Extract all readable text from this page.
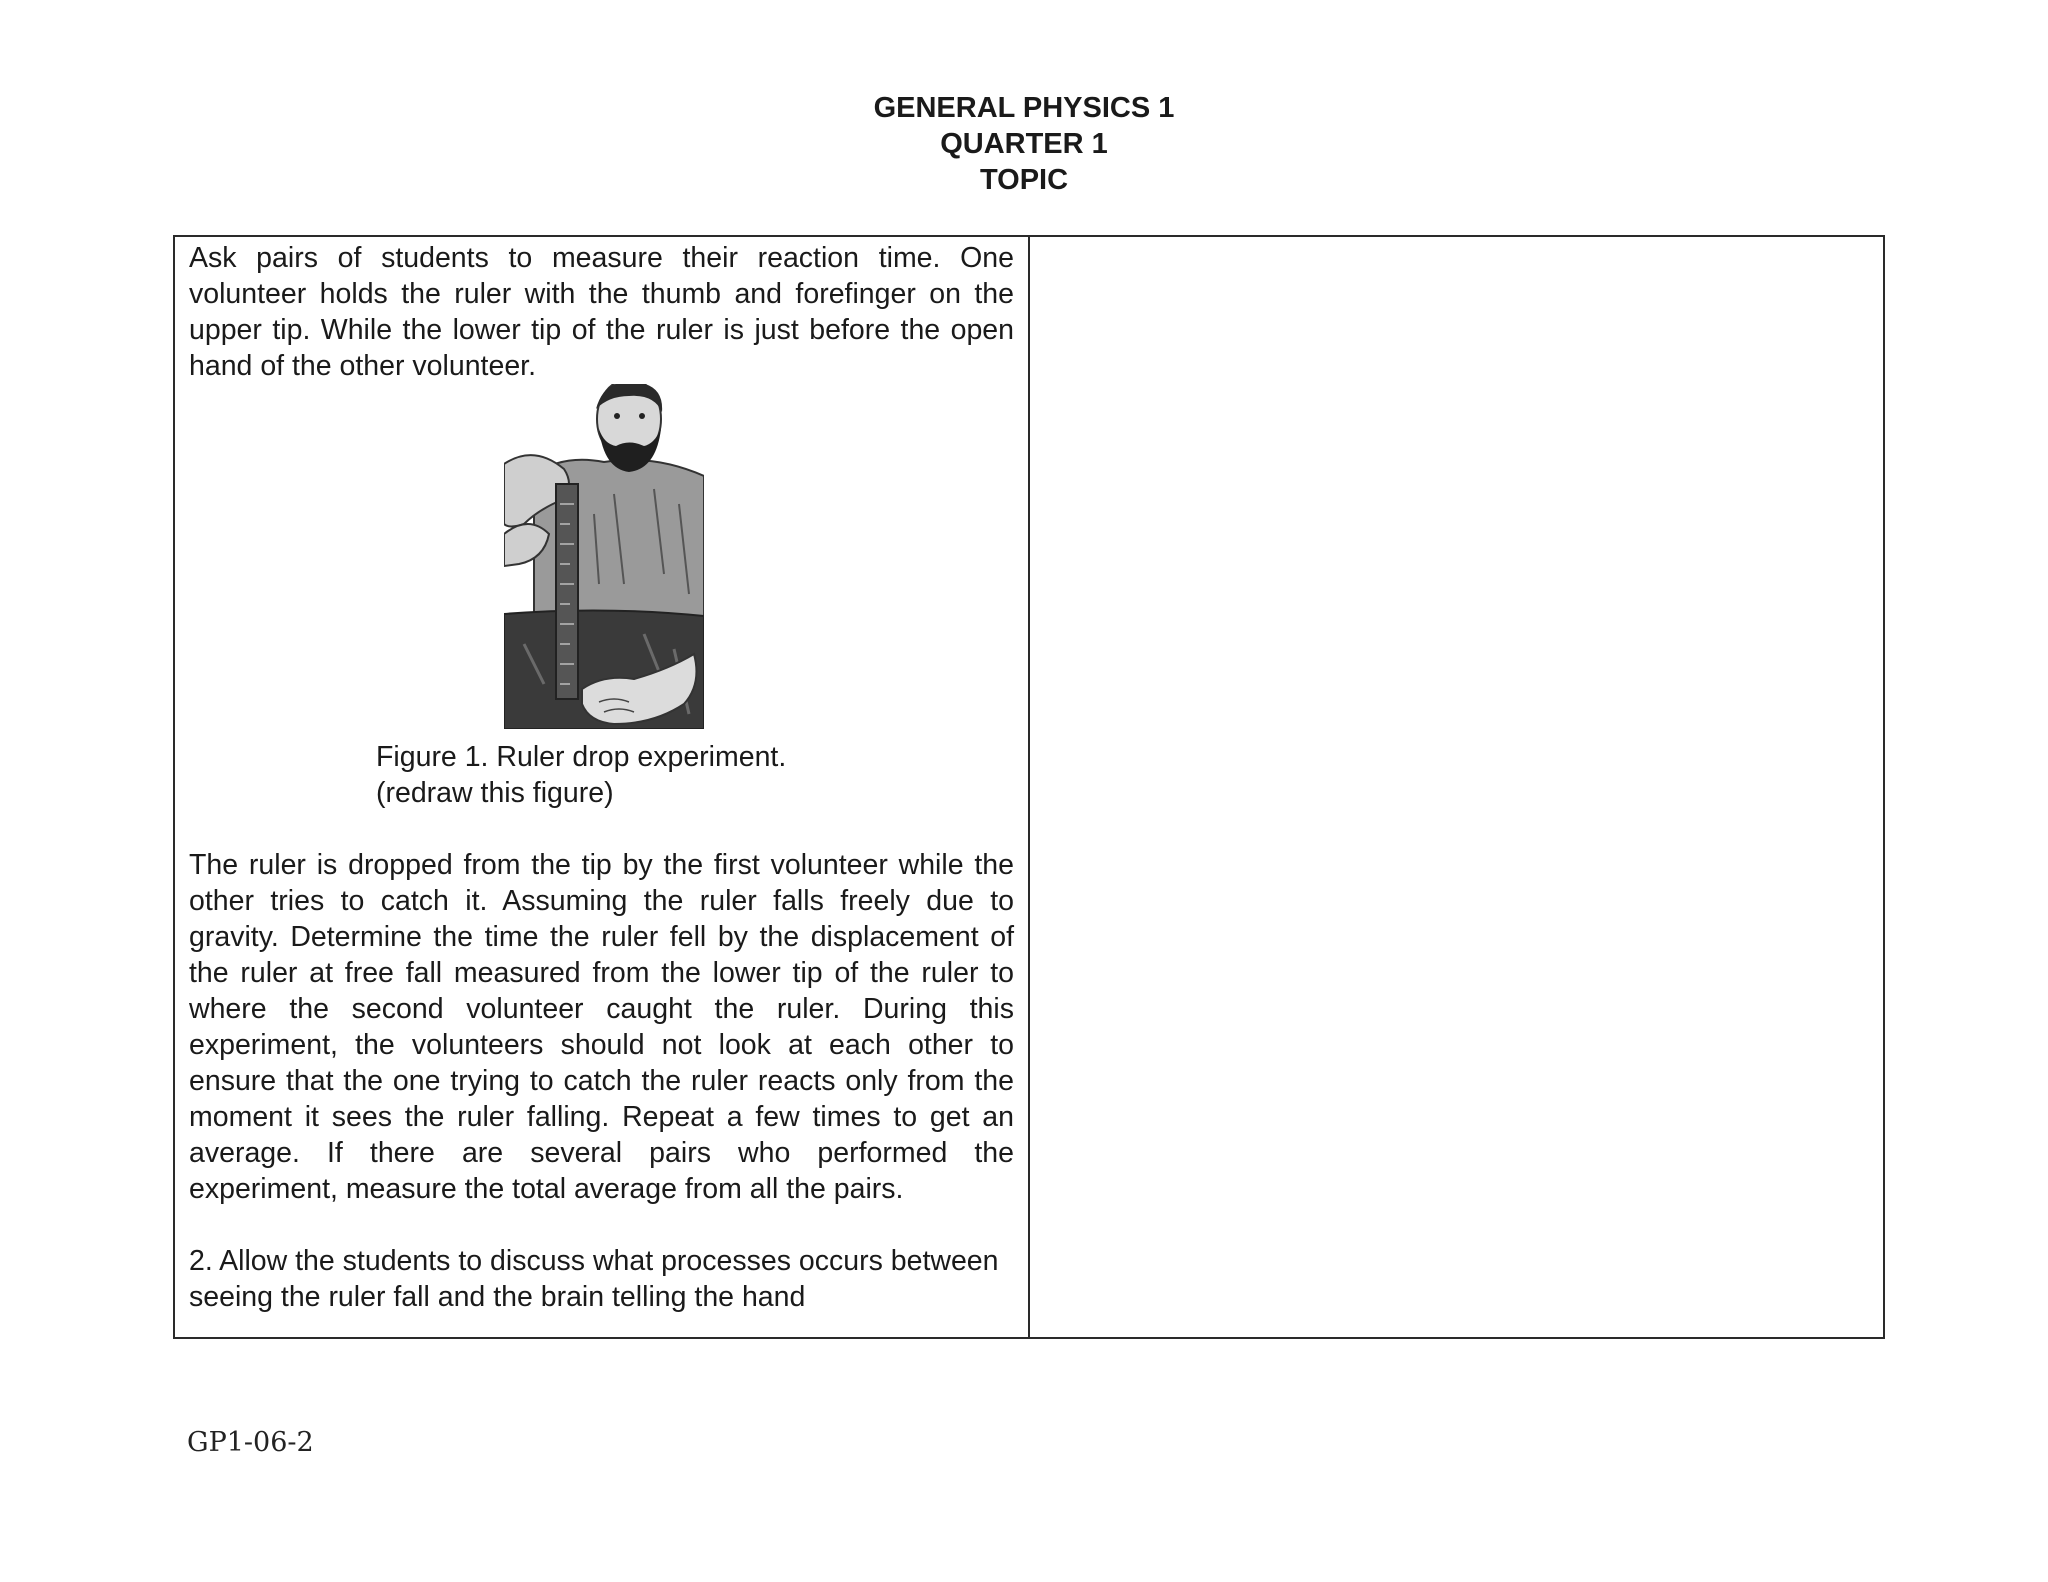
GENERAL PHYSICS 1
QUARTER 1
TOPIC

Ask pairs of students to measure their reaction time. One volunteer holds the ruler with the thumb and forefinger on the upper tip. While the lower tip of the ruler is just before the open hand of the other volunteer.

Figure 1. Ruler drop experiment.
(redraw this figure)

The ruler is dropped from the tip by the first volunteer while the other tries to catch it. Assuming the ruler falls freely due to gravity. Determine the time the ruler fell by the displacement of the ruler at free fall measured from the lower tip of the ruler to where the second volunteer caught the ruler. During this experiment, the volunteers should not look at each other to ensure that the one trying to catch the ruler reacts only from the moment it sees the ruler falling. Repeat a few times to get an average. If there are several pairs who performed the experiment, measure the total average from all the pairs.

2. Allow the students to discuss what processes occurs between seeing the ruler fall and the brain telling the hand

GP1-06-2
